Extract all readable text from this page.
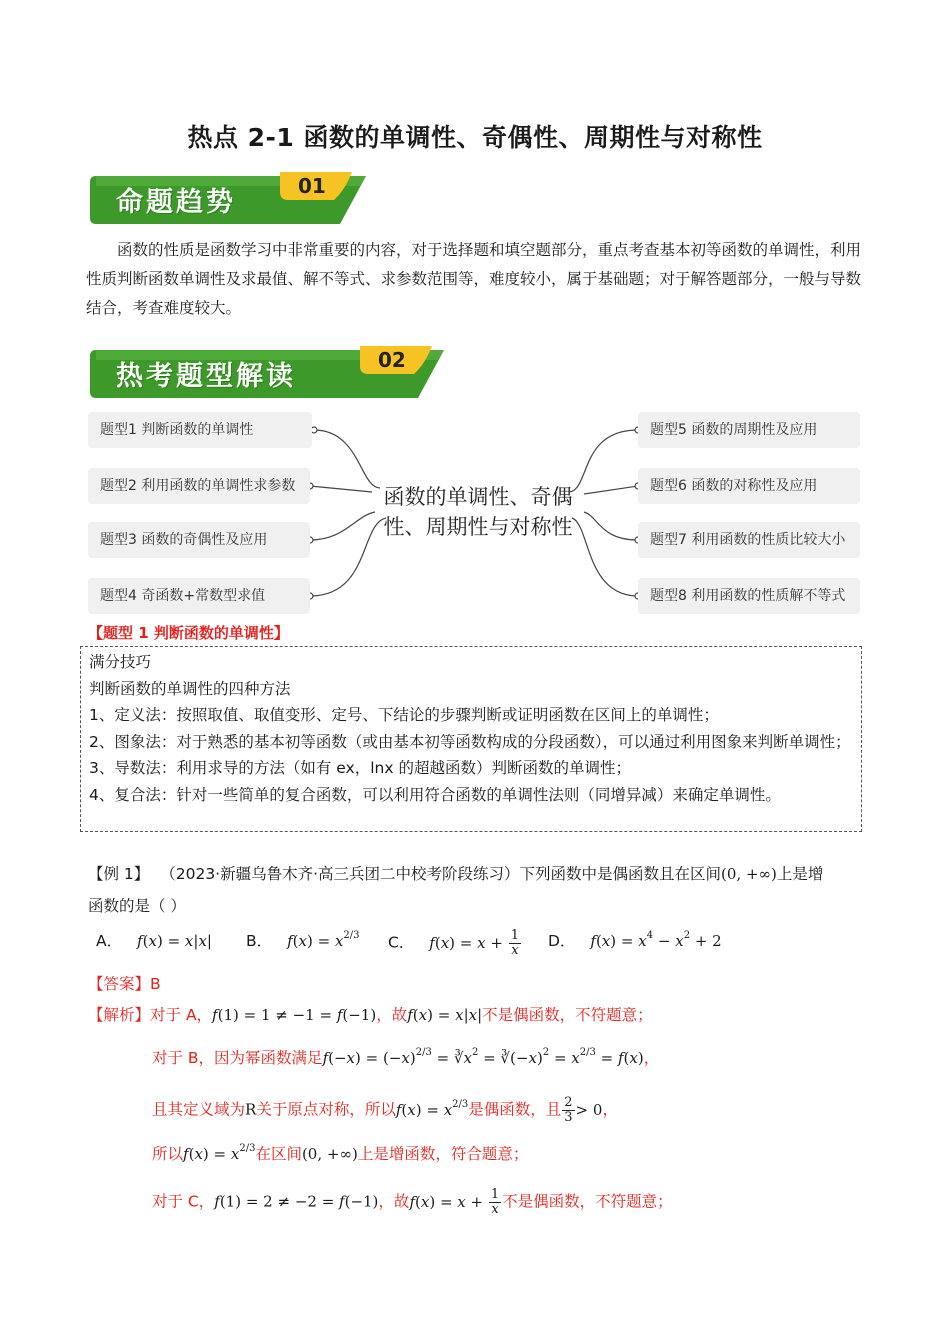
热点 2-1 函数的单调性、奇偶性、周期性与对称性
命题趋势
01
函数的性质是函数学习中非常重要的内容，对于选择题和填空题部分，重点考查基本初等函数的单调性，利用性质判断函数单调性及求最值、解不等式、求参数范围等，难度较小，属于基础题；对于解答题部分，一般与导数结合，考查难度较大。
热考题型解读
02
题型1 判断函数的单调性
题型2 利用函数的单调性求参数
题型3 函数的奇偶性及应用
题型4 奇函数+常数型求值
函数的单调性、奇偶性、周期性与对称性
题型5 函数的周期性及应用
题型6 函数的对称性及应用
题型7 利用函数的性质比较大小
题型8 利用函数的性质解不等式
【题型 1 判断函数的单调性】
满分技巧
判断函数的单调性的四种方法
1、定义法：按照取值、取值变形、定号、下结论的步骤判断或证明函数在区间上的单调性；
2、图象法：对于熟悉的基本初等函数（或由基本初等函数构成的分段函数），可以通过利用图象来判断单调性；
3、导数法：利用求导的方法（如有 ex，lnx 的超越函数）判断函数的单调性；
4、复合法：针对一些简单的复合函数，可以利用符合函数的单调性法则（同增异减）来确定单调性。
【例 1】 （2023·新疆乌鲁木齐·高三兵团二中校考阶段练习）下列函数中是偶函数且在区间(0, +∞)上是增
函数的是（ ）
A． f(x) = x|x| B． $f(x) = x^{2/3}$ C． $f(x) = x + \frac{1}{x}$ D． $f(x) = x^4 - x^2 + 2$
【答案】B
【解析】对于 A，f(1) = 1 ≠ −1 = f(−1)，故f(x) = x|x|不是偶函数，不符题意；
对于 B，因为幂函数满足$f(-x) = (-x)^{2/3}$ = $∛x^2$ = $∛(-x)^2 = x^{2/3} = f(x)$，
且其定义域为R关于原点对称，所以$f(x) = x^{2/3}$是偶函数，且 $\frac{2}{3} > 0$，
所以$f(x) = x^{2/3}$在区间(0, +∞)上是增函数，符合题意；
对于 C，f(1) = 2 ≠ −2 = f(−1)，故$f(x) = x + \frac{1}{x}$ 不是偶函数，不符题意；
